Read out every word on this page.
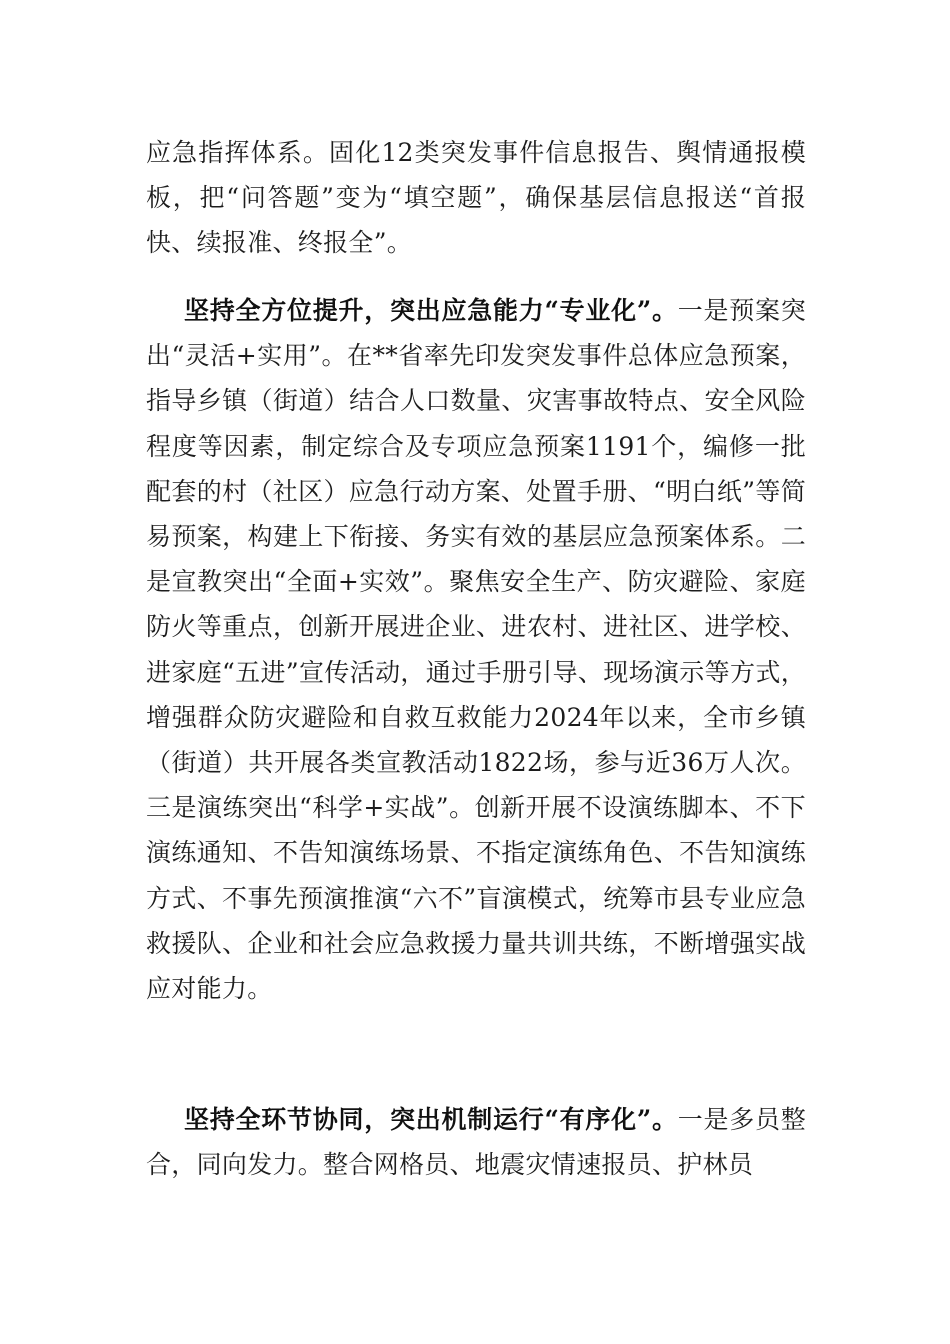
应急指挥体系。固化12类突发事件信息报告、舆情通报模板，把“问答题”变为“填空题”，确保基层信息报送“首报快、续报准、终报全”。

坚持全方位提升，突出应急能力“专业化”。一是预案突出“灵活+实用”。在**省率先印发突发事件总体应急预案，指导乡镇（街道）结合人口数量、灾害事故特点、安全风险程度等因素，制定综合及专项应急预案1191个，编修一批配套的村（社区）应急行动方案、处置手册、“明白纸”等简易预案，构建上下衔接、务实有效的基层应急预案体系。二是宣教突出“全面+实效”。聚焦安全生产、防灾避险、家庭防火等重点，创新开展进企业、进农村、进社区、进学校、进家庭“五进”宣传活动，通过手册引导、现场演示等方式，增强群众防灾避险和自救互救能力2024年以来，全市乡镇（街道）共开展各类宣教活动1822场，参与近36万人次。三是演练突出“科学+实战”。创新开展不设演练脚本、不下演练通知、不告知演练场景、不指定演练角色、不告知演练方式、不事先预演推演“六不”盲演模式，统筹市县专业应急救援队、企业和社会应急救援力量共训共练，不断增强实战应对能力。

坚持全环节协同，突出机制运行“有序化”。一是多员整合，同向发力。整合网格员、地震灾情速报员、护林员
